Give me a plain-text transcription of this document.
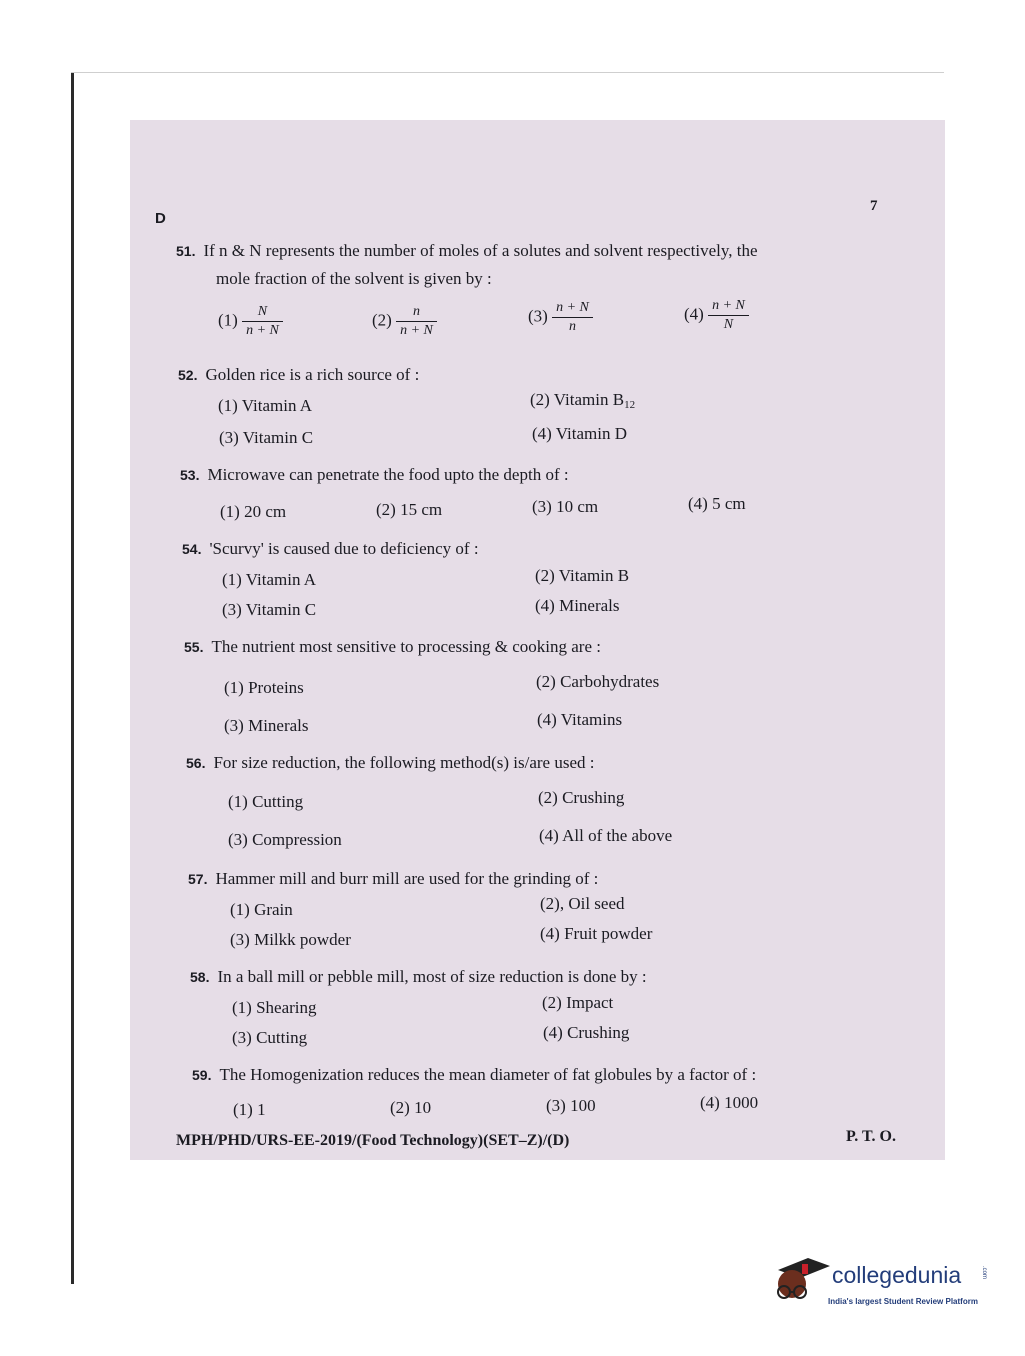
D
7
51. If n & N represents the number of moles of a solutes and solvent respectively, the
mole fraction of the solvent is given by :
$(1) \frac{N}{n + N}$	$(2) \frac{n}{n + N}$	$(3) \frac{n + N}{n}$	$(4) \frac{n + N}{N}$
52. Golden rice is a rich source of :
(1) Vitamin A	(2) Vitamin $B_{12}$
(3) Vitamin C	(4) Vitamin D
53. Microwave can penetrate the food upto the depth of :
(1) 20 cm	(2) 15 cm	(3) 10 cm	(4) 5 cm
54. 'Scurvy' is caused due to deficiency of :
(1) Vitamin A	(2) Vitamin B
(3) Vitamin C	(4) Minerals
55. The nutrient most sensitive to processing & cooking are :
(1) Proteins	(2) Carbohydrates
(3) Minerals	(4) Vitamins
56. For size reduction, the following method(s) is/are used :
(1) Cutting	(2) Crushing
(3) Compression	(4) All of the above
57. Hammer mill and burr mill are used for the grinding of :
(1) Grain	(2), Oil seed
(3) Milkk powder	(4) Fruit powder
58. In a ball mill or pebble mill, most of size reduction is done by :
(1) Shearing	(2) Impact
(3) Cutting	(4) Crushing
59. The Homogenization reduces the mean diameter of fat globules by a factor of :
(1) 1	(2) 10	(3) 100	(4) 1000
MPH/PHD/URS-EE-2019/(Food Technology)(SET–Z)/(D)	P. T. O.
collegedunia
India's largest Student Review Platform
.com
